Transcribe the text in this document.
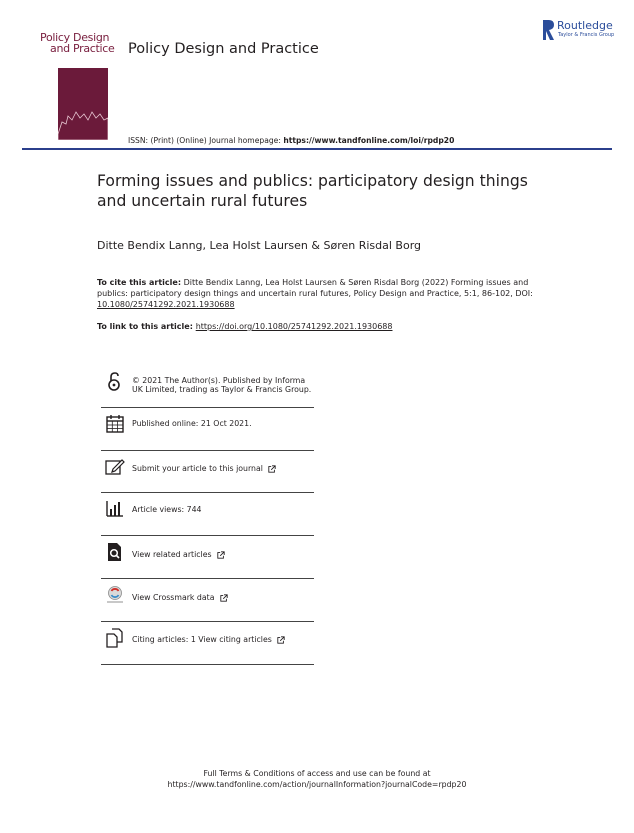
Policy Design
and Practice Policy Design and Practice
Routledge
Taylor & Francis Group
ISSN: (Print) (Online) Journal homepage: https://www.tandfonline.com/loi/rpdp20
Forming issues and publics: participatory design things and uncertain rural futures
Ditte Bendix Lanng, Lea Holst Laursen & Søren Risdal Borg
To cite this article: Ditte Bendix Lanng, Lea Holst Laursen & Søren Risdal Borg (2022) Forming issues and publics: participatory design things and uncertain rural futures, Policy Design and Practice, 5:1, 86-102, DOI: 10.1080/25741292.2021.1930688
To link to this article: https://doi.org/10.1080/25741292.2021.1930688
© 2021 The Author(s). Published by Informa UK Limited, trading as Taylor & Francis Group.
Published online: 21 Oct 2021.
Submit your article to this journal
Article views: 744
View related articles
View Crossmark data
Citing articles: 1 View citing articles
Full Terms & Conditions of access and use can be found at
https://www.tandfonline.com/action/journalInformation?journalCode=rpdp20
